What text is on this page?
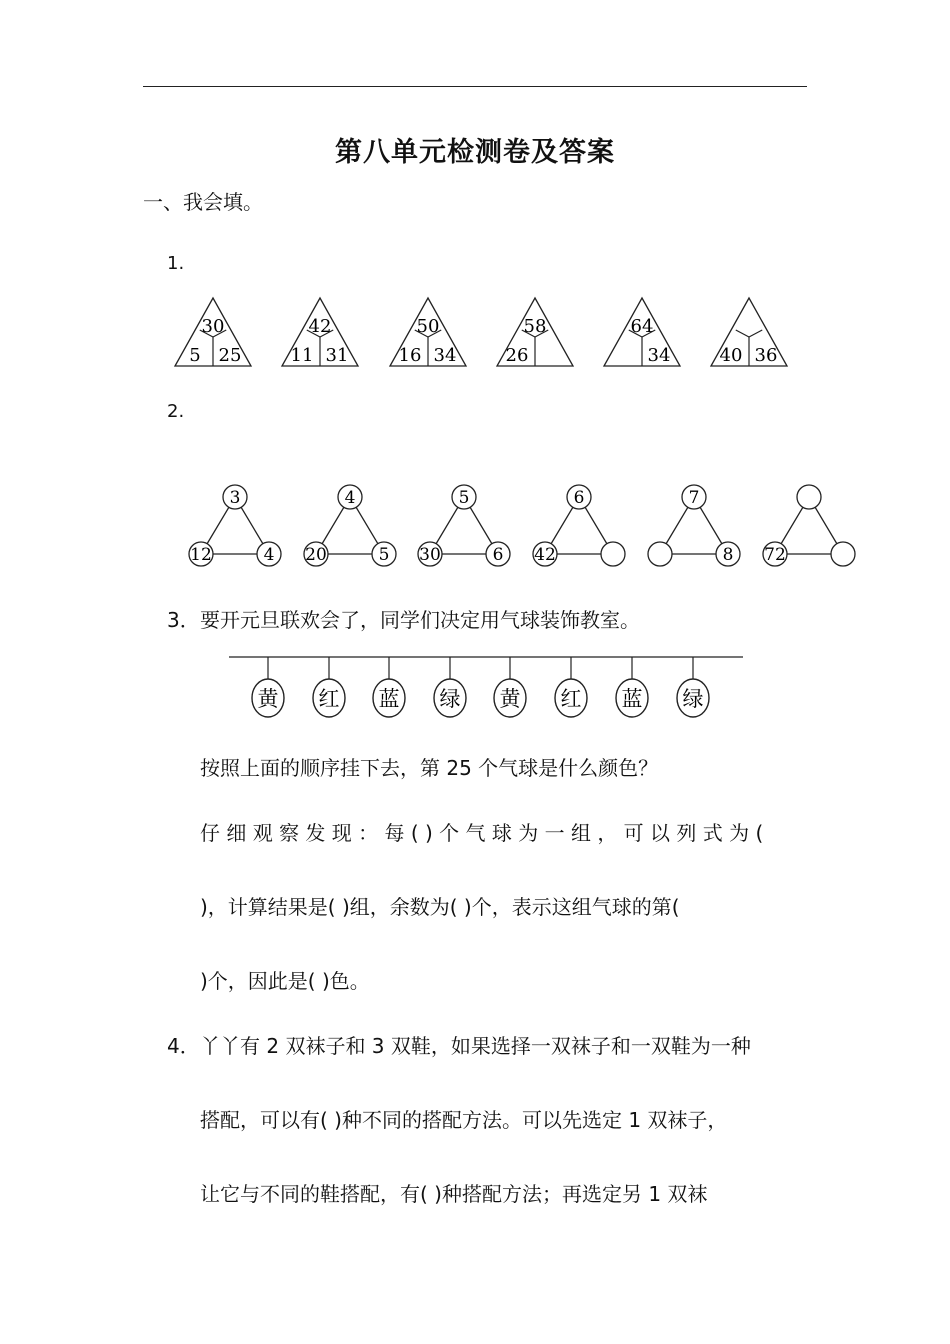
第八单元检测卷及答案
一、我会填。
1.
30
5 25
42
11 31
50
16 34
58
26
64
34	40 36
2.
3
12	4
4
20	5
5
30	6
6
42
7
8 72
3． 要开元旦联欢会了，同学们决定用气球装饰教室。
黄 红 蓝 绿 黄 红 蓝 绿
按照上面的顺序挂下去，第 25 个气球是什么颜色？
仔 细 观 察 发 现 ： 每 ( ) 个 气 球 为 一 组 ， 可 以 列 式 为 (
)，计算结果是( )组，余数为( )个，表示这组气球的第(
)个，因此是( )色。
4． 丫丫有 2 双袜子和 3 双鞋，如果选择一双袜子和一双鞋为一种
搭配，可以有( )种不同的搭配方法。可以先选定 1 双袜子，
让它与不同的鞋搭配，有( )种搭配方法；再选定另 1 双袜
